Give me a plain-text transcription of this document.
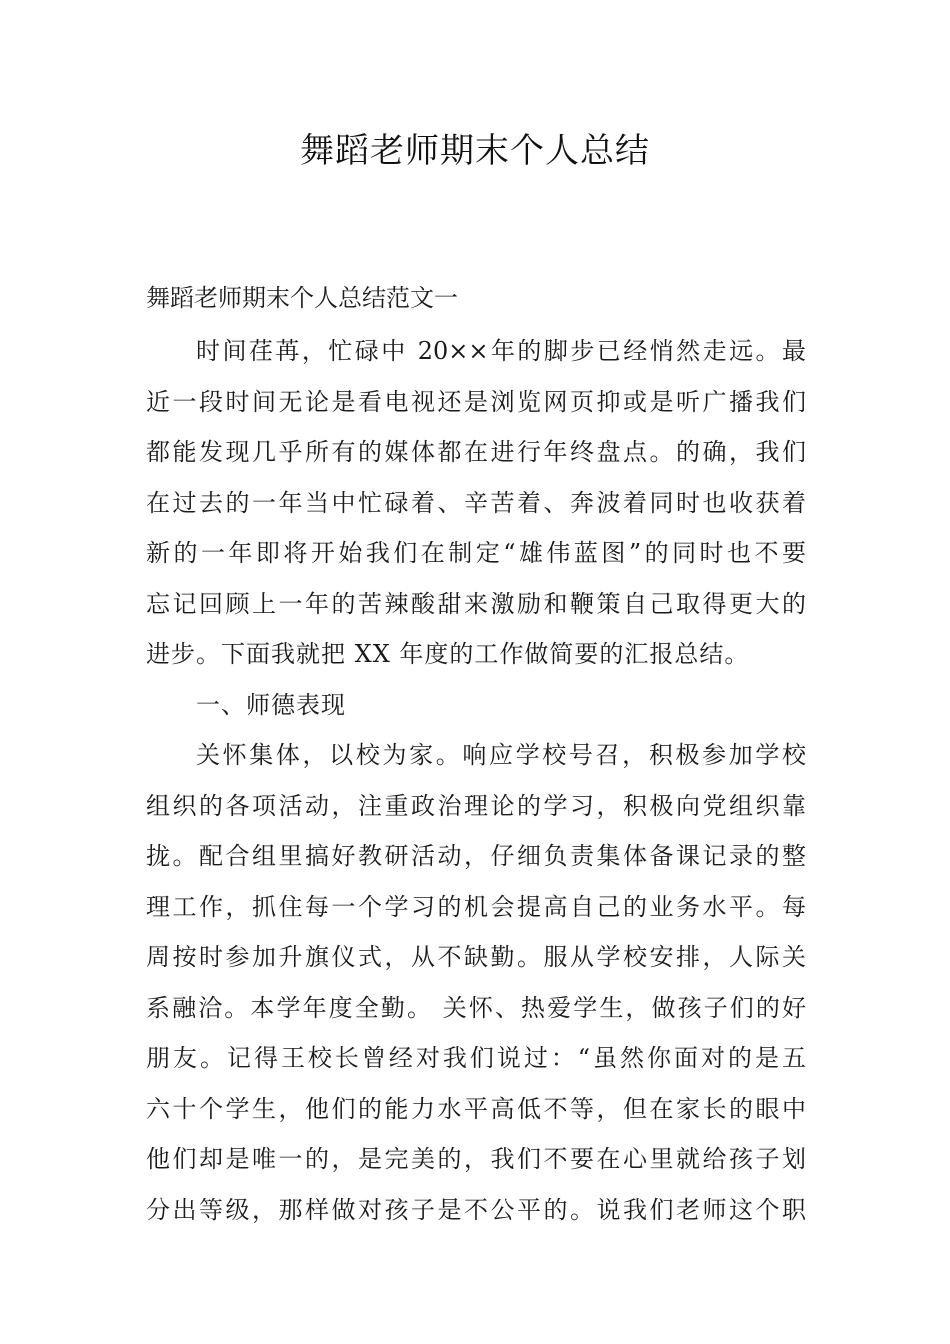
舞蹈老师期末个人总结

舞蹈老师期末个人总结范文一

时间荏苒，忙碌中 20××年的脚步已经悄然走远。最
近一段时间无论是看电视还是浏览网页抑或是听广播我们
都能发现几乎所有的媒体都在进行年终盘点。的确，我们
在过去的一年当中忙碌着、辛苦着、奔波着同时也收获着
新的一年即将开始我们在制定“雄伟蓝图”的同时也不要
忘记回顾上一年的苦辣酸甜来激励和鞭策自己取得更大的
进步。下面我就把 XX 年度的工作做简要的汇报总结。
一、师德表现
关怀集体，以校为家。响应学校号召，积极参加学校
组织的各项活动，注重政治理论的学习，积极向党组织靠
拢。配合组里搞好教研活动，仔细负责集体备课记录的整
理工作，抓住每一个学习的机会提高自己的业务水平。每
周按时参加升旗仪式，从不缺勤。服从学校安排，人际关
系融洽。本学年度全勤。 关怀、热爱学生，做孩子们的好
朋友。记得王校长曾经对我们说过：“虽然你面对的是五
六十个学生，他们的能力水平高低不等，但在家长的眼中
他们却是唯一的，是完美的，我们不要在心里就给孩子划
分出等级，那样做对孩子是不公平的。说我们老师这个职
